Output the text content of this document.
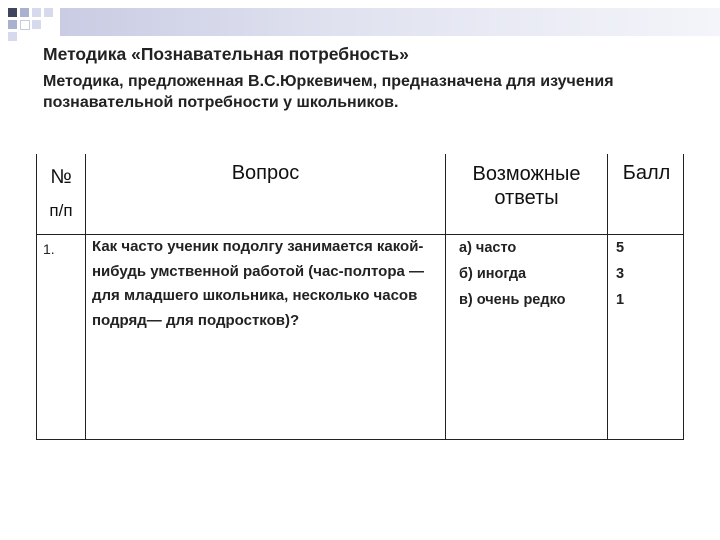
Методика «Познавательная потребность»
Методика, предложенная В.С.Юркевичем, предназначена для изучения познавательной потребности у школьников.
№
п/п
Вопрос	Возможные
ответы
Балл
1. Как часто ученик подолгу занимается какой-нибудь умственной работой (час-полтора — для младшего школьника, несколько часов подряд— для подростков)?
а) часто
б) иногда
в) очень редко
5
3
1
